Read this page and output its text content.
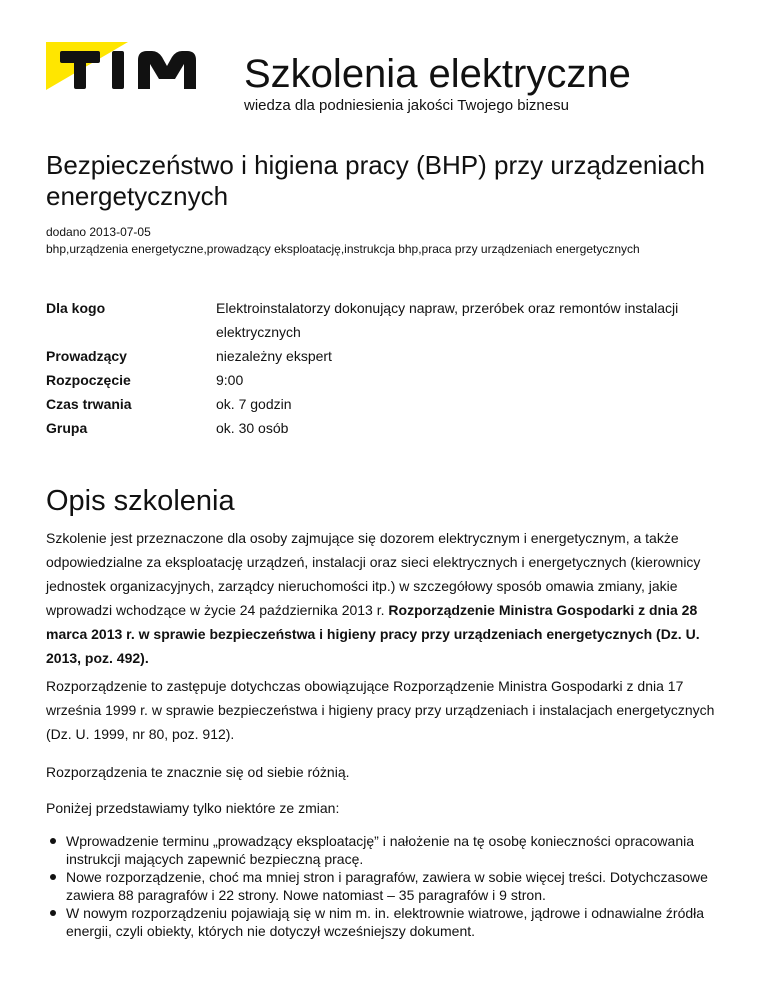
Szkolenia elektryczne
wiedza dla podniesienia jakości Twojego biznesu
Bezpieczeństwo i higiena pracy (BHP) przy urządzeniach energetycznych
dodano 2013-07-05
bhp,urządzenia energetyczne,prowadzący eksploatację,instrukcja bhp,praca przy urządzeniach energetycznych
Dla kogo	Elektroinstalatorzy dokonujący napraw, przeróbek oraz remontów instalacji elektrycznych
Prowadzący	niezależny ekspert
Rozpoczęcie	9:00
Czas trwania	ok. 7 godzin
Grupa	ok. 30 osób
Opis szkolenia

Szkolenie jest przeznaczone dla osoby zajmujące się dozorem elektrycznym i energetycznym, a także odpowiedzialne za eksploatację urządzeń, instalacji oraz sieci elektrycznych i energetycznych (kierownicy jednostek organizacyjnych, zarządcy nieruchomości itp.) w szczegółowy sposób omawia zmiany, jakie wprowadzi wchodzące w życie 24 października 2013 r. Rozporządzenie Ministra Gospodarki z dnia 28 marca 2013 r. w sprawie bezpieczeństwa i higieny pracy przy urządzeniach energetycznych (Dz. U. 2013, poz. 492).

Rozporządzenie to zastępuje dotychczas obowiązujące Rozporządzenie Ministra Gospodarki z dnia 17 września 1999 r. w sprawie bezpieczeństwa i higieny pracy przy urządzeniach i instalacjach energetycznych (Dz. U. 1999, nr 80, poz. 912).

Rozporządzenia te znacznie się od siebie różnią.

Poniżej przedstawiamy tylko niektóre ze zmian:

Wprowadzenie terminu „prowadzący eksploatację” i nałożenie na tę osobę konieczności opracowania instrukcji mających zapewnić bezpieczną pracę.
Nowe rozporządzenie, choć ma mniej stron i paragrafów, zawiera w sobie więcej treści. Dotychczasowe zawiera 88 paragrafów i 22 strony. Nowe natomiast – 35 paragrafów i 9 stron.
W nowym rozporządzeniu pojawiają się w nim m. in. elektrownie wiatrowe, jądrowe i odnawialne źródła energii, czyli obiekty, których nie dotyczył wcześniejszy dokument.
